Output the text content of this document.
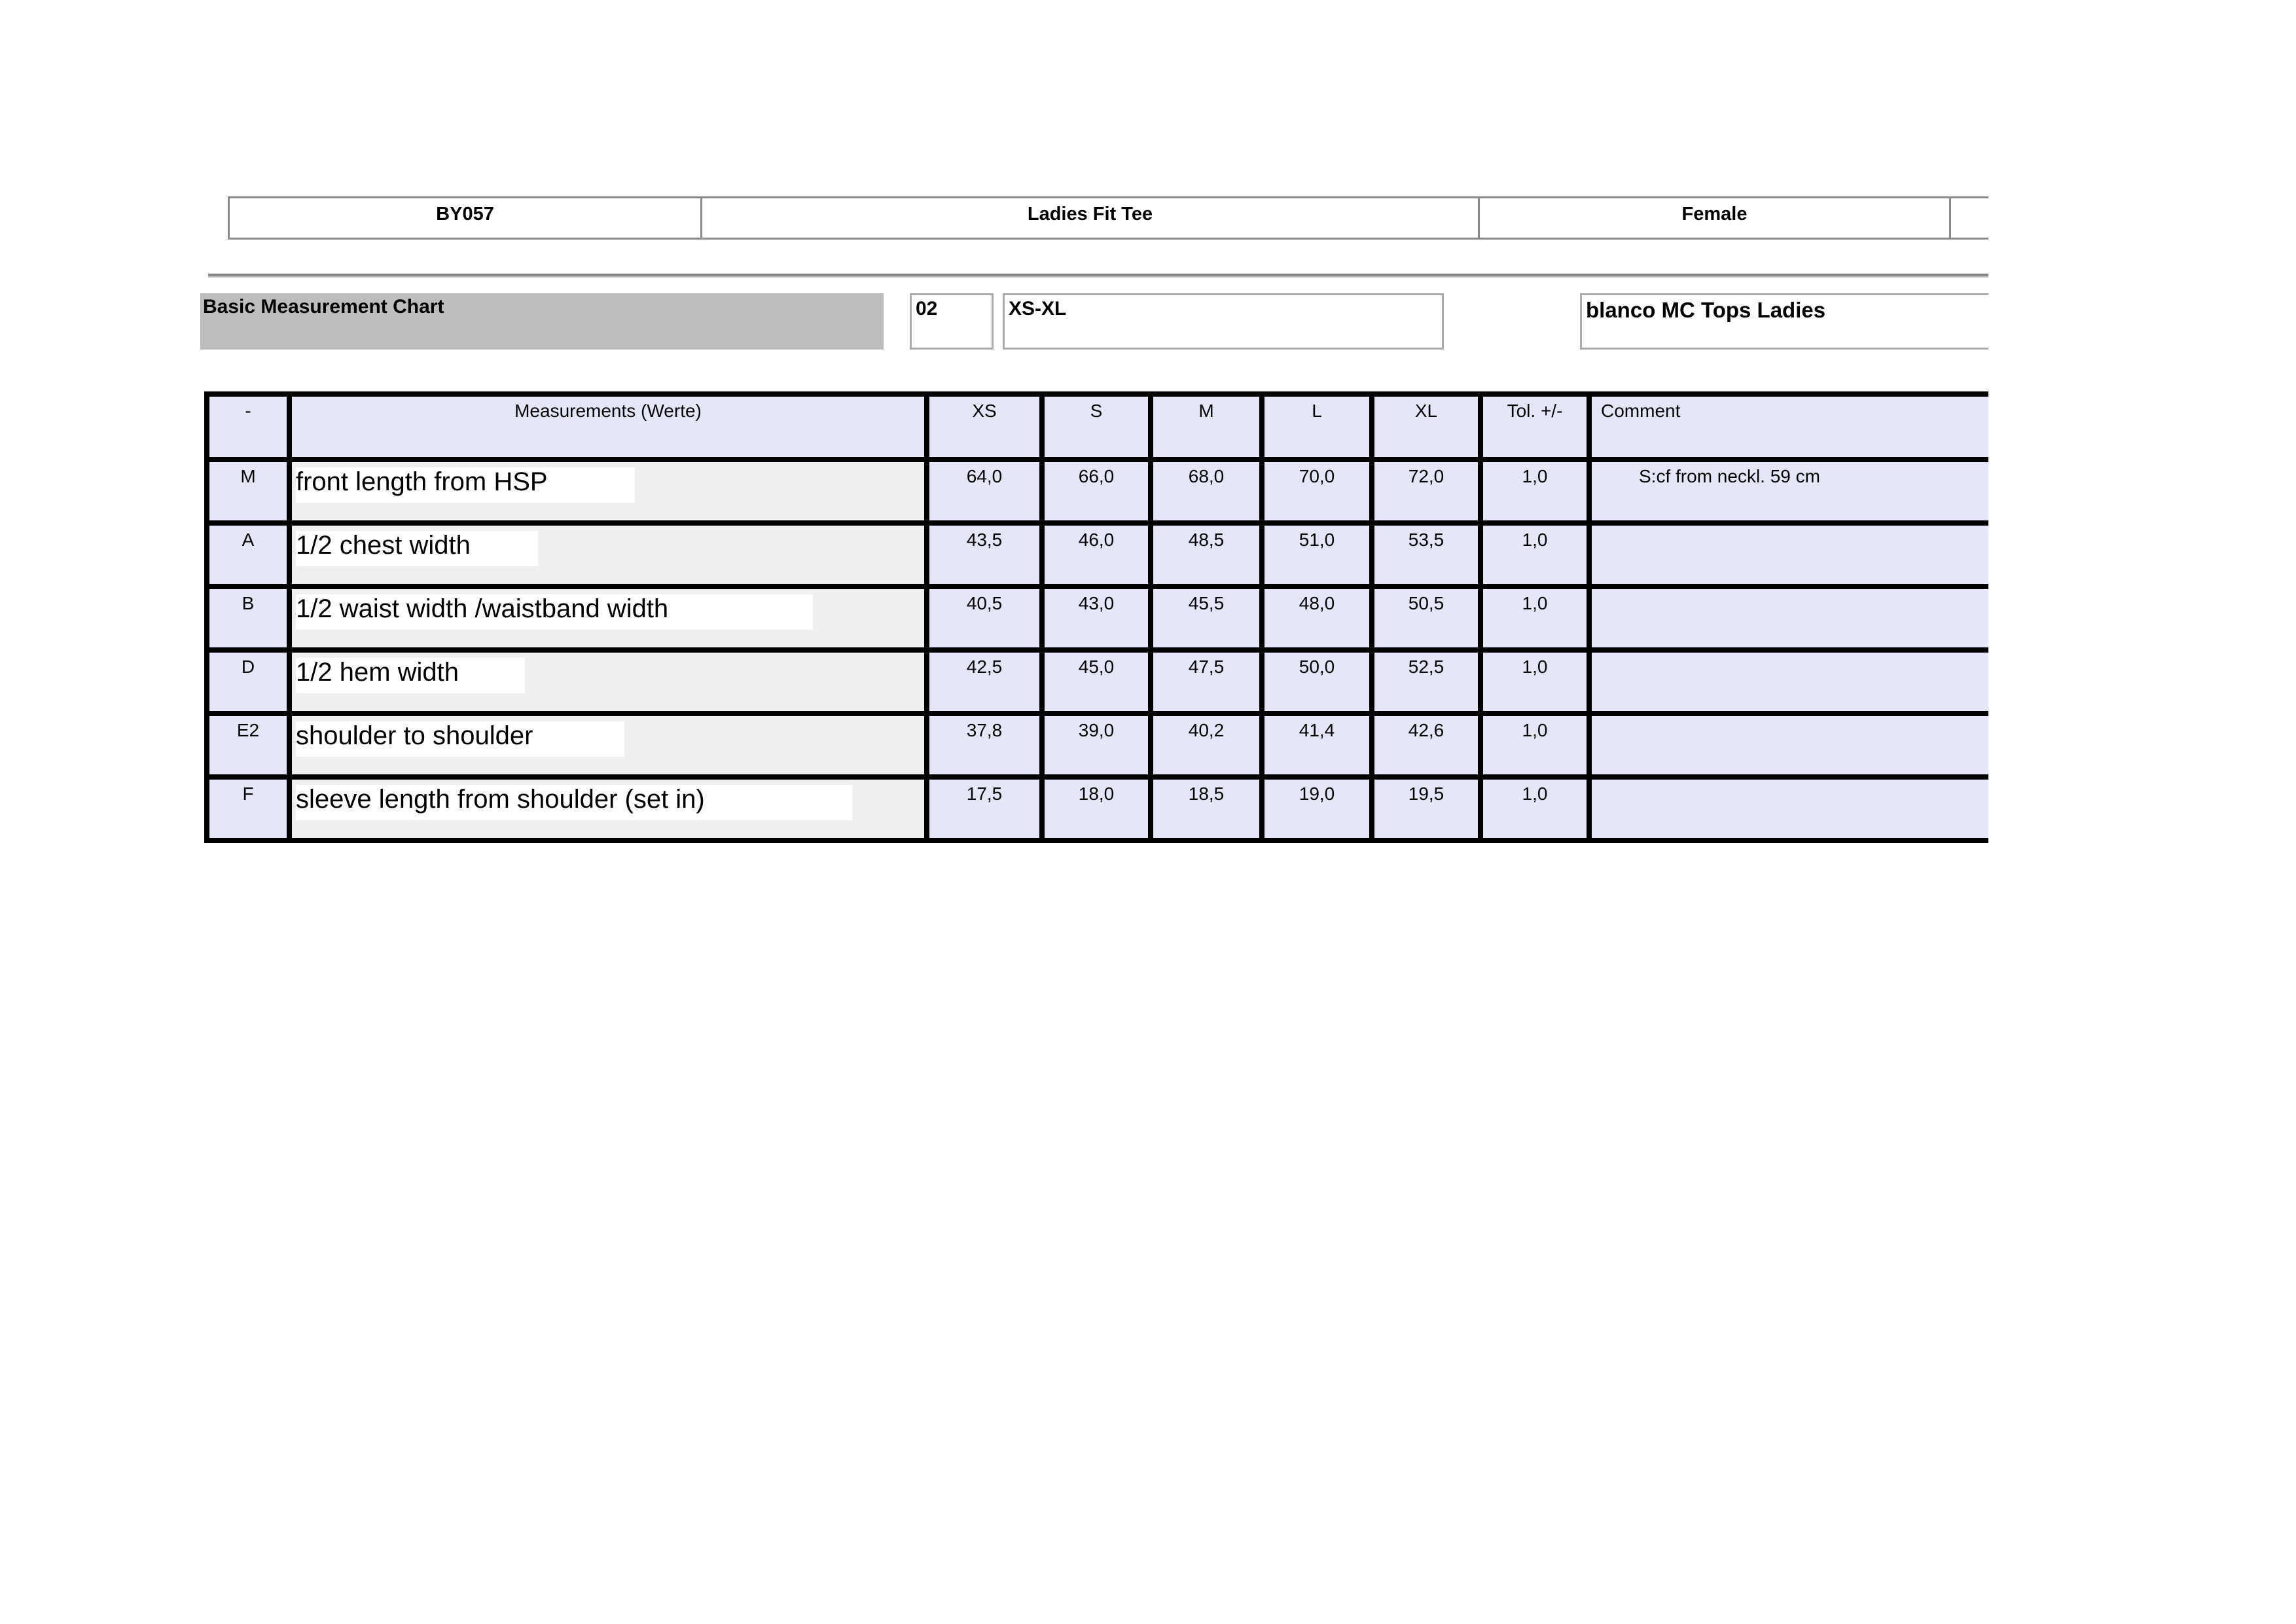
BY057	Ladies Fit Tee	Female
Basic Measurement Chart	02	XS-XL	blanco MC Tops Ladies
-	Measurements (Werte)	XS	S	M	L	XL	Tol. +/-	Comment	
M	front length from HSP	64,0	66,0	68,0	70,0	72,0	1,0	S:cf from neckl. 59 cm	

A	1/2 chest width	43,5	46,0	48,5	51,0	53,5	1,0		
B	1/2 waist width /waistband width	40,5	43,0	45,5	48,0	50,5	1,0		
D	1/2 hem width	42,5	45,0	47,5	50,0	52,5	1,0		
E2	shoulder to shoulder	37,8	39,0	40,2	41,4	42,6	1,0		
F	sleeve length from shoulder (set in)	17,5	18,0	18,5	19,0	19,5	1,0		
